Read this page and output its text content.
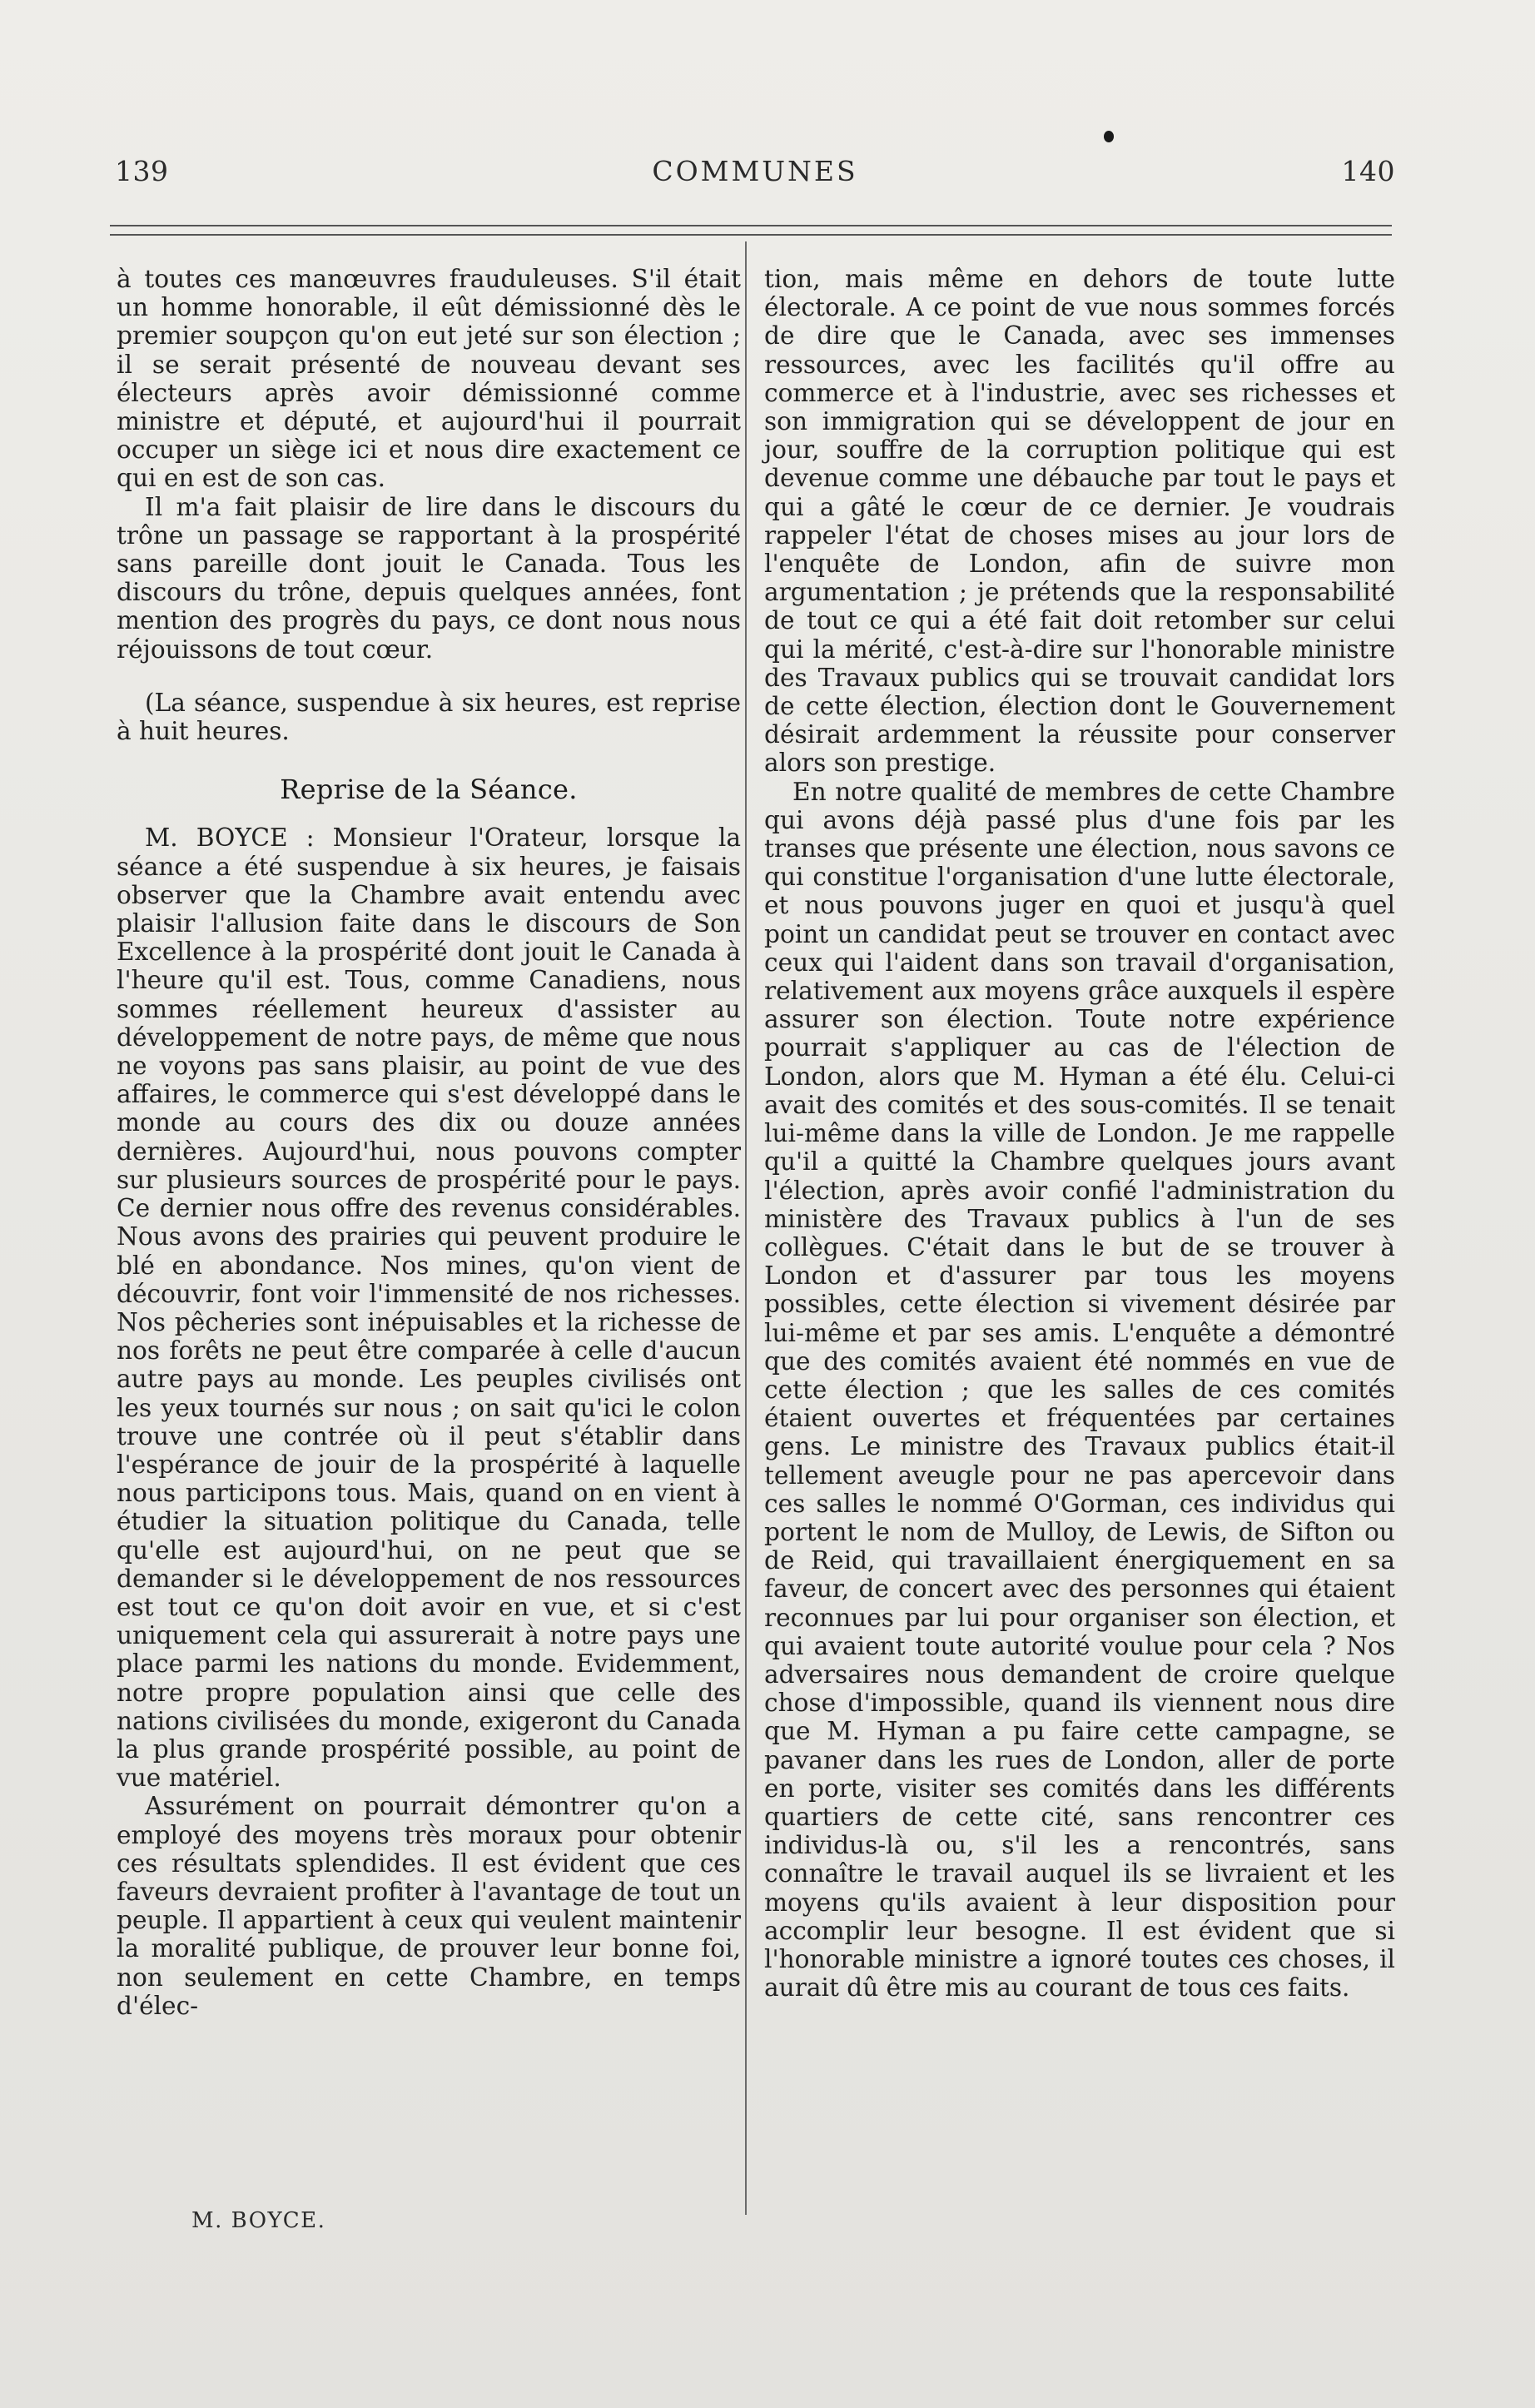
139	COMMUNES	140

à toutes ces manœuvres frauduleuses. S'il était un homme honorable, il eût démissionné dès le premier soupçon qu'on eut jeté sur son élection ; il se serait présenté de nouveau devant ses électeurs après avoir démissionné comme ministre et député, et aujourd'hui il pourrait occuper un siège ici et nous dire exactement ce qui en est de son cas.

Il m'a fait plaisir de lire dans le discours du trône un passage se rapportant à la prospérité sans pareille dont jouit le Canada. Tous les discours du trône, depuis quelques années, font mention des progrès du pays, ce dont nous nous réjouissons de tout cœur.

(La séance, suspendue à six heures, est reprise à huit heures.

Reprise de la Séance.

M. BOYCE : Monsieur l'Orateur, lorsque la séance a été suspendue à six heures, je faisais observer que la Chambre avait entendu avec plaisir l'allusion faite dans le discours de Son Excellence à la prospérité dont jouit le Canada à l'heure qu'il est. Tous, comme Canadiens, nous sommes réellement heureux d'assister au développement de notre pays, de même que nous ne voyons pas sans plaisir, au point de vue des affaires, le commerce qui s'est développé dans le monde au cours des dix ou douze années dernières. Aujourd'hui, nous pouvons compter sur plusieurs sources de prospérité pour le pays. Ce dernier nous offre des revenus considérables. Nous avons des prairies qui peuvent produire le blé en abondance. Nos mines, qu'on vient de découvrir, font voir l'immensité de nos richesses. Nos pêcheries sont inépuisables et la richesse de nos forêts ne peut être comparée à celle d'aucun autre pays au monde. Les peuples civilisés ont les yeux tournés sur nous ; on sait qu'ici le colon trouve une contrée où il peut s'établir dans l'espérance de jouir de la prospérité à laquelle nous participons tous. Mais, quand on en vient à étudier la situation politique du Canada, telle qu'elle est aujourd'hui, on ne peut que se demander si le développement de nos ressources est tout ce qu'on doit avoir en vue, et si c'est uniquement cela qui assurerait à notre pays une place parmi les nations du monde. Evidemment, notre propre population ainsi que celle des nations civilisées du monde, exigeront du Canada la plus grande prospérité possible, au point de vue matériel.

Assurément on pourrait démontrer qu'on a employé des moyens très moraux pour obtenir ces résultats splendides. Il est évident que ces faveurs devraient profiter à l'avantage de tout un peuple. Il appartient à ceux qui veulent maintenir la moralité publique, de prouver leur bonne foi, non seulement en cette Chambre, en temps d'élec-

M. BOYCE.

tion, mais même en dehors de toute lutte électorale. A ce point de vue nous sommes forcés de dire que le Canada, avec ses immenses ressources, avec les facilités qu'il offre au commerce et à l'industrie, avec ses richesses et son immigration qui se développent de jour en jour, souffre de la corruption politique qui est devenue comme une débauche par tout le pays et qui a gâté le cœur de ce dernier. Je voudrais rappeler l'état de choses mises au jour lors de l'enquête de London, afin de suivre mon argumentation ; je prétends que la responsabilité de tout ce qui a été fait doit retomber sur celui qui la mérité, c'est-à-dire sur l'honorable ministre des Travaux publics qui se trouvait candidat lors de cette élection, élection dont le Gouvernement désirait ardemment la réussite pour conserver alors son prestige.

En notre qualité de membres de cette Chambre qui avons déjà passé plus d'une fois par les transes que présente une élection, nous savons ce qui constitue l'organisation d'une lutte électorale, et nous pouvons juger en quoi et jusqu'à quel point un candidat peut se trouver en contact avec ceux qui l'aident dans son travail d'organisation, relativement aux moyens grâce auxquels il espère assurer son élection. Toute notre expérience pourrait s'appliquer au cas de l'élection de London, alors que M. Hyman a été élu. Celui-ci avait des comités et des sous-comités. Il se tenait lui-même dans la ville de London. Je me rappelle qu'il a quitté la Chambre quelques jours avant l'élection, après avoir confié l'administration du ministère des Travaux publics à l'un de ses collègues. C'était dans le but de se trouver à London et d'assurer par tous les moyens possibles, cette élection si vivement désirée par lui-même et par ses amis. L'enquête a démontré que des comités avaient été nommés en vue de cette élection ; que les salles de ces comités étaient ouvertes et fréquentées par certaines gens. Le ministre des Travaux publics était-il tellement aveugle pour ne pas apercevoir dans ces salles le nommé O'Gorman, ces individus qui portent le nom de Mulloy, de Lewis, de Sifton ou de Reid, qui travaillaient énergiquement en sa faveur, de concert avec des personnes qui étaient reconnues par lui pour organiser son élection, et qui avaient toute autorité voulue pour cela ? Nos adversaires nous demandent de croire quelque chose d'impossible, quand ils viennent nous dire que M. Hyman a pu faire cette campagne, se pavaner dans les rues de London, aller de porte en porte, visiter ses comités dans les différents quartiers de cette cité, sans rencontrer ces individus-là ou, s'il les a rencontrés, sans connaître le travail auquel ils se livraient et les moyens qu'ils avaient à leur disposition pour accomplir leur besogne. Il est évident que si l'honorable ministre a ignoré toutes ces choses, il aurait dû être mis au courant de tous ces faits.
